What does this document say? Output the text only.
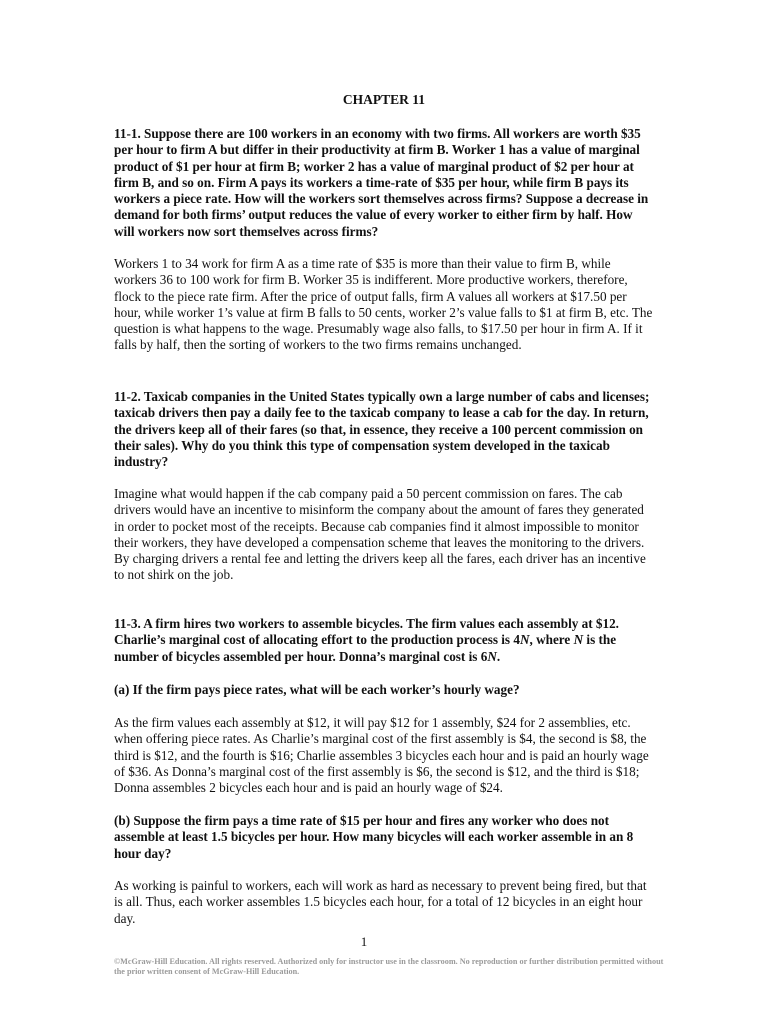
CHAPTER 11

11-1. Suppose there are 100 workers in an economy with two firms. All workers are worth $35 per hour to firm A but differ in their productivity at firm B. Worker 1 has a value of marginal product of $1 per hour at firm B; worker 2 has a value of marginal product of $2 per hour at firm B, and so on. Firm A pays its workers a time-rate of $35 per hour, while firm B pays its workers a piece rate. How will the workers sort themselves across firms? Suppose a decrease in demand for both firms’ output reduces the value of every worker to either firm by half. How will workers now sort themselves across firms?

Workers 1 to 34 work for firm A as a time rate of $35 is more than their value to firm B, while workers 36 to 100 work for firm B. Worker 35 is indifferent. More productive workers, therefore, flock to the piece rate firm. After the price of output falls, firm A values all workers at $17.50 per hour, while worker 1’s value at firm B falls to 50 cents, worker 2’s value falls to $1 at firm B, etc. The question is what happens to the wage. Presumably wage also falls, to $17.50 per hour in firm A. If it falls by half, then the sorting of workers to the two firms remains unchanged.

11-2. Taxicab companies in the United States typically own a large number of cabs and licenses; taxicab drivers then pay a daily fee to the taxicab company to lease a cab for the day. In return, the drivers keep all of their fares (so that, in essence, they receive a 100 percent commission on their sales). Why do you think this type of compensation system developed in the taxicab industry?

Imagine what would happen if the cab company paid a 50 percent commission on fares. The cab drivers would have an incentive to misinform the company about the amount of fares they generated in order to pocket most of the receipts. Because cab companies find it almost impossible to monitor their workers, they have developed a compensation scheme that leaves the monitoring to the drivers. By charging drivers a rental fee and letting the drivers keep all the fares, each driver has an incentive to not shirk on the job.

11-3. A firm hires two workers to assemble bicycles. The firm values each assembly at $12. Charlie’s marginal cost of allocating effort to the production process is 4N, where N is the number of bicycles assembled per hour. Donna’s marginal cost is 6N.

(a) If the firm pays piece rates, what will be each worker’s hourly wage?

As the firm values each assembly at $12, it will pay $12 for 1 assembly, $24 for 2 assemblies, etc. when offering piece rates. As Charlie’s marginal cost of the first assembly is $4, the second is $8, the third is $12, and the fourth is $16; Charlie assembles 3 bicycles each hour and is paid an hourly wage of $36. As Donna’s marginal cost of the first assembly is $6, the second is $12, and the third is $18; Donna assembles 2 bicycles each hour and is paid an hourly wage of $24.

(b) Suppose the firm pays a time rate of $15 per hour and fires any worker who does not assemble at least 1.5 bicycles per hour. How many bicycles will each worker assemble in an 8 hour day?

As working is painful to workers, each will work as hard as necessary to prevent being fired, but that is all. Thus, each worker assembles 1.5 bicycles each hour, for a total of 12 bicycles in an eight hour day.

1
©McGraw-Hill Education. All rights reserved. Authorized only for instructor use in the classroom. No reproduction or further distribution permitted without the prior written consent of McGraw-Hill Education.
